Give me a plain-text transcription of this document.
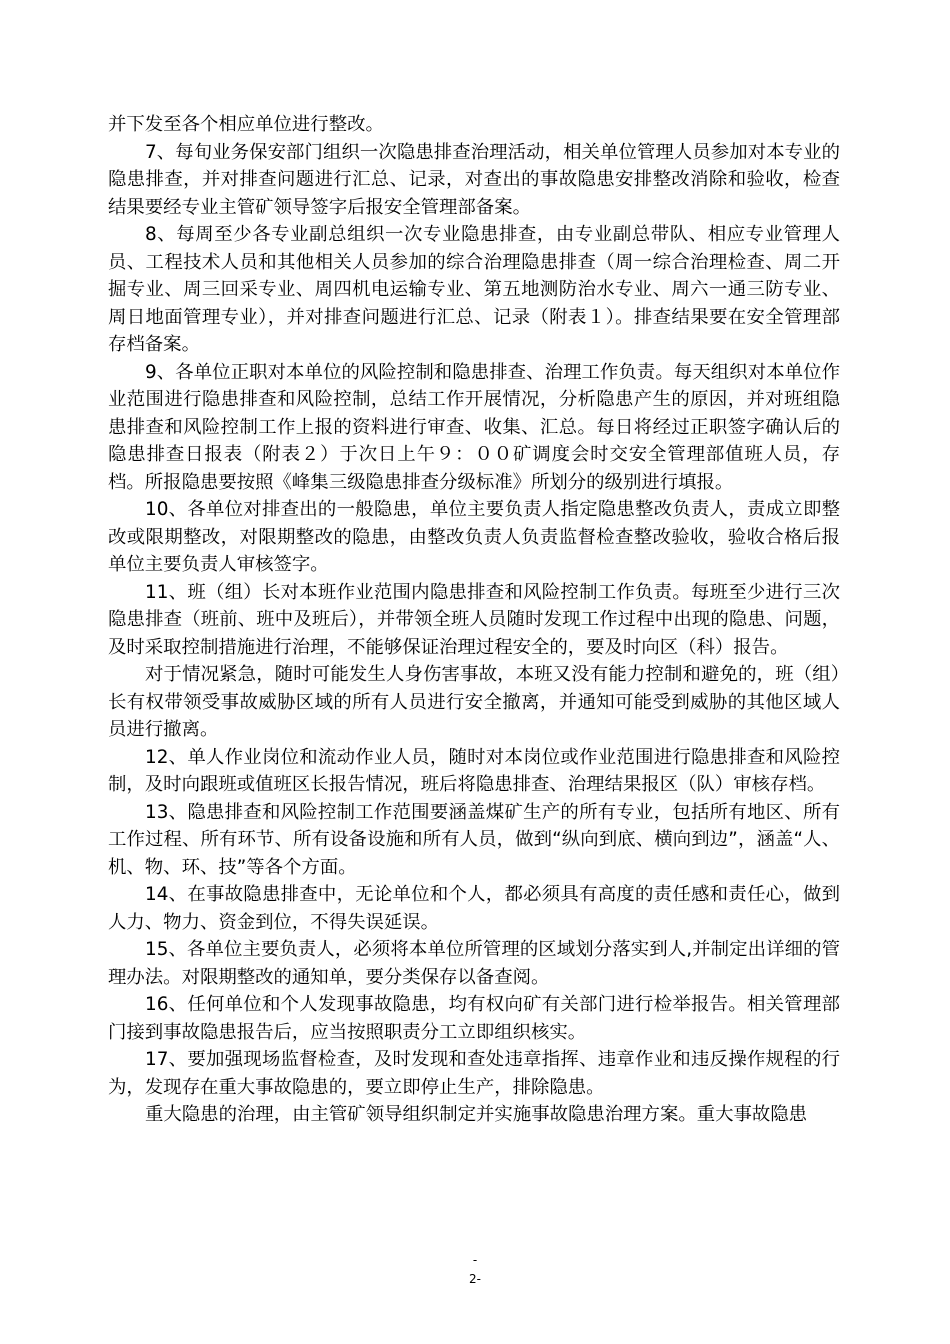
并下发至各个相应单位进行整改。

7、每旬业务保安部门组织一次隐患排查治理活动，相关单位管理人员参加对本专业的隐患排查，并对排查问题进行汇总、记录，对查出的事故隐患安排整改消除和验收，检查结果要经专业主管矿领导签字后报安全管理部备案。

8、每周至少各专业副总组织一次专业隐患排查，由专业副总带队、相应专业管理人员、工程技术人员和其他相关人员参加的综合治理隐患排查（周一综合治理检查、周二开掘专业、周三回采专业、周四机电运输专业、第五地测防治水专业、周六一通三防专业、周日地面管理专业），并对排查问题进行汇总、记录（附表１）。排查结果要在安全管理部存档备案。

9、各单位正职对本单位的风险控制和隐患排查、治理工作负责。每天组织对本单位作业范围进行隐患排查和风险控制，总结工作开展情况，分析隐患产生的原因，并对班组隐患排查和风险控制工作上报的资料进行审查、收集、汇总。每日将经过正职签字确认后的隐患排查日报表（附表２）于次日上午９：００矿调度会时交安全管理部值班人员，存档。所报隐患要按照《峰集三级隐患排查分级标准》所划分的级别进行填报。

10、各单位对排查出的一般隐患，单位主要负责人指定隐患整改负责人，责成立即整改或限期整改，对限期整改的隐患，由整改负责人负责监督检查整改验收，验收合格后报单位主要负责人审核签字。

11、班（组）长对本班作业范围内隐患排查和风险控制工作负责。每班至少进行三次隐患排查（班前、班中及班后），并带领全班人员随时发现工作过程中出现的隐患、问题，及时采取控制措施进行治理，不能够保证治理过程安全的，要及时向区（科）报告。

对于情况紧急，随时可能发生人身伤害事故，本班又没有能力控制和避免的，班（组）长有权带领受事故威胁区域的所有人员进行安全撤离，并通知可能受到威胁的其他区域人员进行撤离。

12、单人作业岗位和流动作业人员，随时对本岗位或作业范围进行隐患排查和风险控制，及时向跟班或值班区长报告情况，班后将隐患排查、治理结果报区（队）审核存档。

13、隐患排查和风险控制工作范围要涵盖煤矿生产的所有专业，包括所有地区、所有工作过程、所有环节、所有设备设施和所有人员，做到“纵向到底、横向到边”，涵盖“人、机、物、环、技”等各个方面。

14、在事故隐患排查中，无论单位和个人，都必须具有高度的责任感和责任心，做到人力、物力、资金到位，不得失误延误。

15、各单位主要负责人，必须将本单位所管理的区域划分落实到人,并制定出详细的管理办法。对限期整改的通知单，要分类保存以备查阅。

16、任何单位和个人发现事故隐患，均有权向矿有关部门进行检举报告。相关管理部门接到事故隐患报告后，应当按照职责分工立即组织核实。

17、要加强现场监督检查，及时发现和查处违章指挥、违章作业和违反操作规程的行为，发现存在重大事故隐患的，要立即停止生产，排除隐患。

重大隐患的治理，由主管矿领导组织制定并实施事故隐患治理方案。重大事故隐患

-
2-
